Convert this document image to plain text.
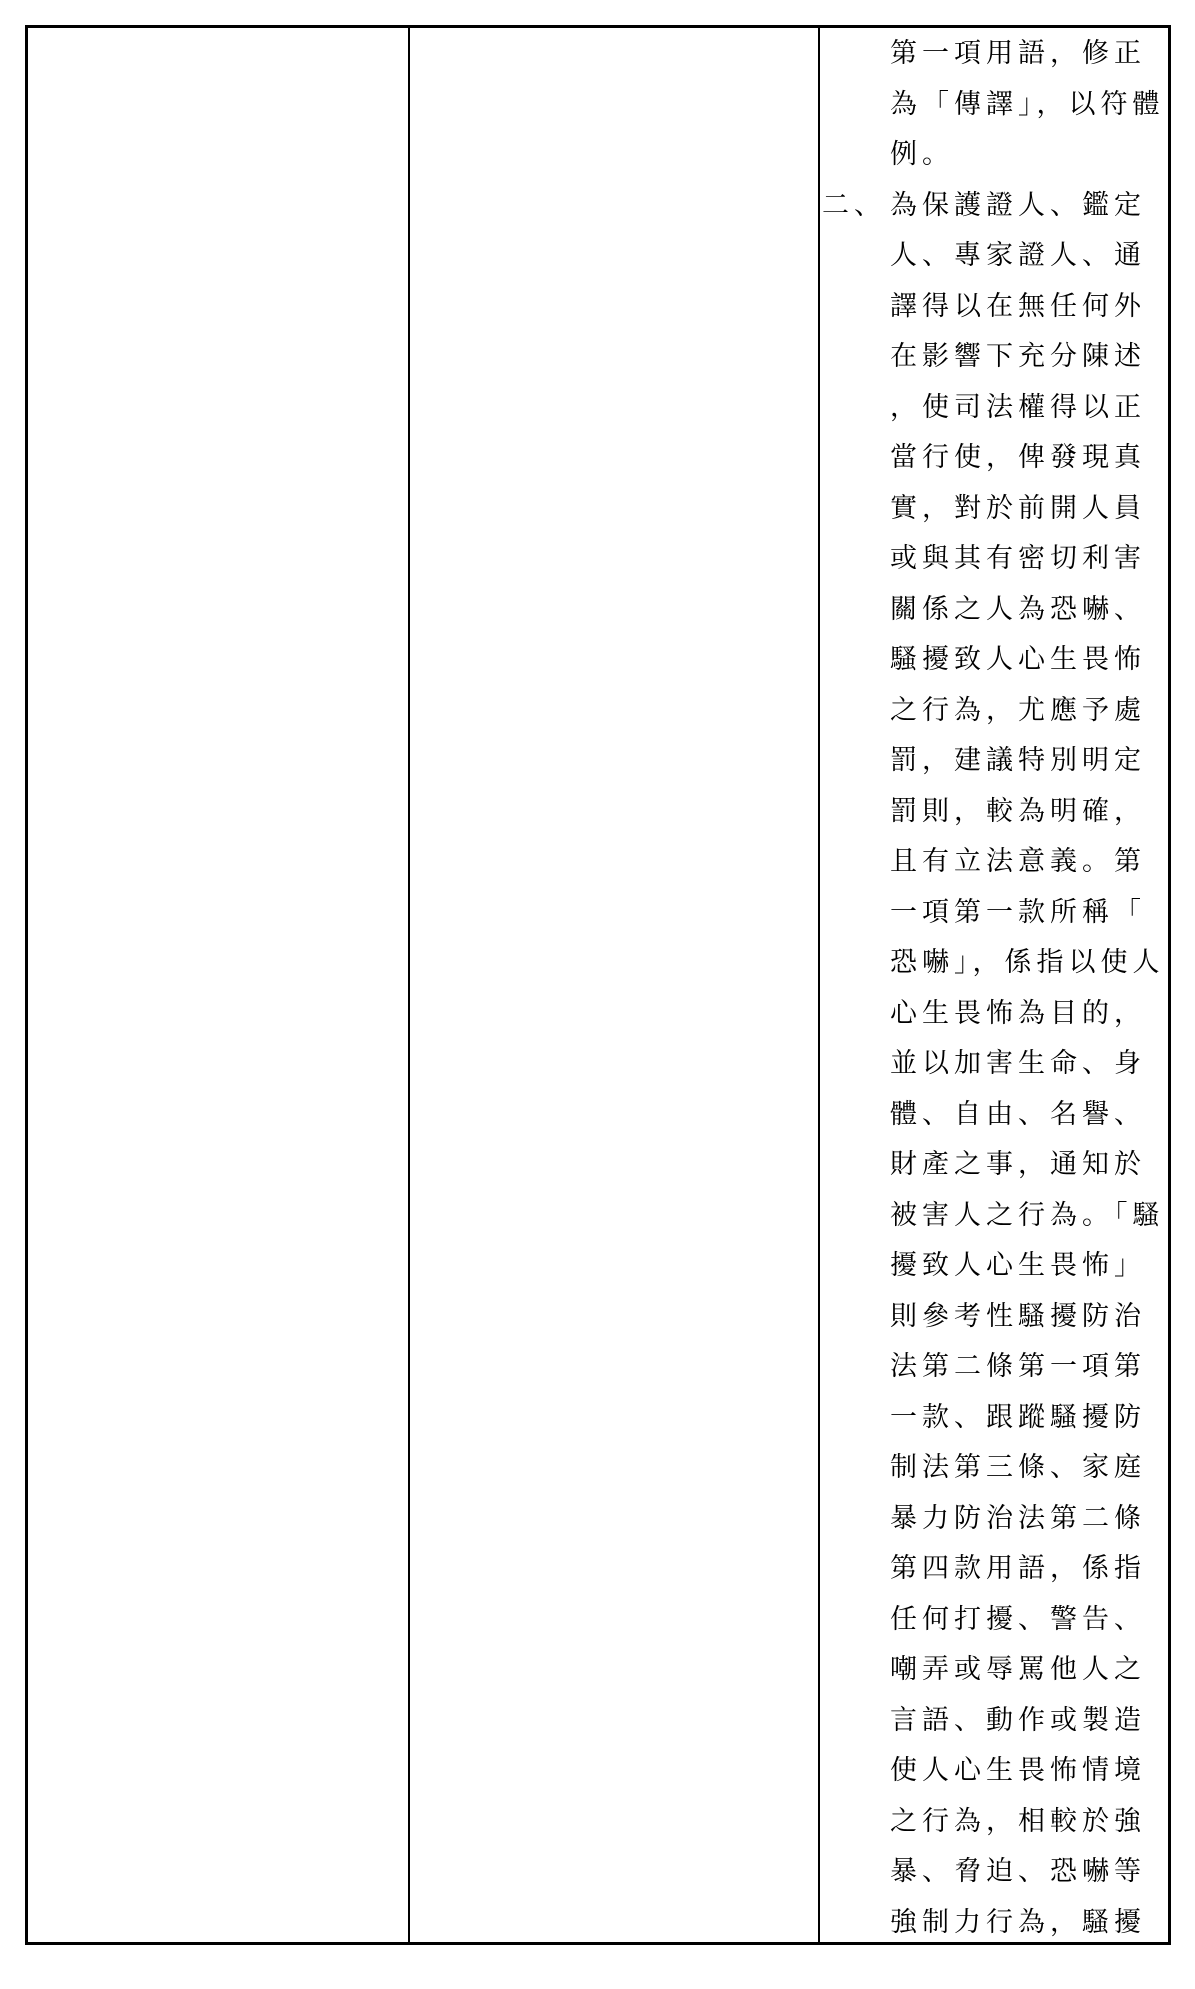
二、
第一項用語，修正
為「傳譯」，以符體
例。
為保護證人、鑑定
人、專家證人、通
譯得以在無任何外
在影響下充分陳述
，使司法權得以正
當行使，俾發現真
實，對於前開人員
或與其有密切利害
關係之人為恐嚇、
騷擾致人心生畏怖
之行為，尤應予處
罰，建議特別明定
罰則，較為明確，
且有立法意義。第
一項第一款所稱「
恐嚇」，係指以使人
心生畏怖為目的，
並以加害生命、身
體、自由、名譽、
財產之事，通知於
被害人之行為。「騷
擾致人心生畏怖」
則參考性騷擾防治
法第二條第一項第
一款、跟蹤騷擾防
制法第三條、家庭
暴力防治法第二條
第四款用語，係指
任何打擾、警告、
嘲弄或辱罵他人之
言語、動作或製造
使人心生畏怖情境
之行為，相較於強
暴、脅迫、恐嚇等
強制力行為，騷擾
